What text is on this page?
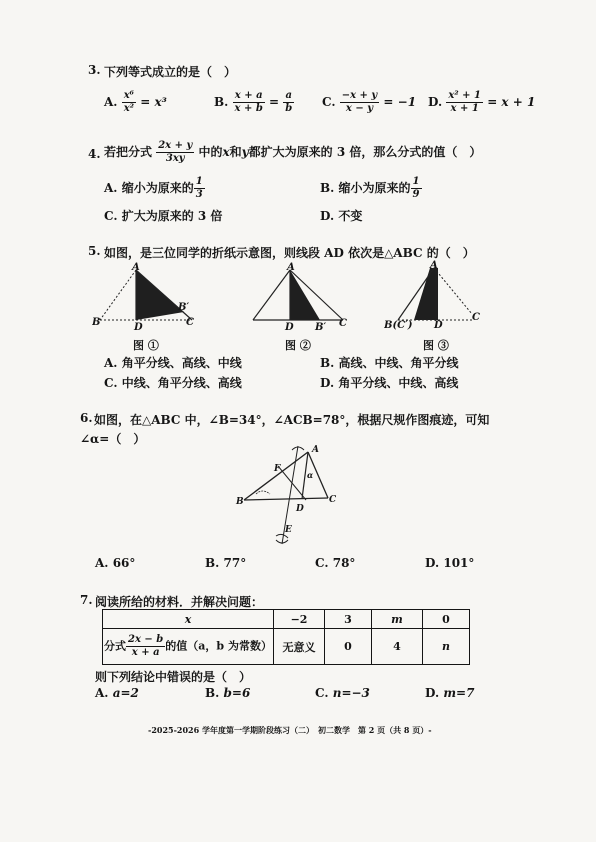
3. 下列等式成立的是（　）
A. $\frac{\text{x⁶}}{\text{x²}} = x^3$	B. $\frac{x + a}{x + b} = \frac{a}{b} C$. $\frac{-x + y}{x - y} = -1$ D. $\frac{\text{x² + 1}}{x + 1} = x + 1$
4. 若把分式 $\frac{2x + y}{3xy}$ 中的x和y都扩大为原来的 3 倍，那么分式的值（　）
A. 缩小为原来的 $\frac{1}{3}$	B. 缩小为原来的 $\frac{1}{9}$
C. 扩大为原来的 3 倍	D. 不变
5. 如图，是三位同学的折纸示意图，则线段 AD 依次是△ABC 的（　）
A
B	D	C
B′
图 ①
A
D B′ C
图 ②
A
B(C′) D
C
图 ③
A. 角平分线、高线、中线	B. 高线、中线、角平分线
C. 中线、角平分线、高线	D. 角平分线、中线、高线
6. 如图，在△ABC 中，∠B=34°，∠ACB=78°，根据尺规作图痕迹，可知
∠α=（　）
A
B	C
D
E
F
α
A. 66°	B. 77°	C. 78°	D. 101°
7. 阅读所给的材料．并解决问题：
x	−2	3	m	0
分式 $\frac{2x - b}{x + a}$ 的值（a，b 为常数）	无意义	0	4	n
则下列结论中错误的是（　）
A. a=2	B. b=6	C. n=−3	D. m=7
-2025-2026 学年度第一学期阶段练习（二）　初二数学　第 2 页（共 8 页）-
